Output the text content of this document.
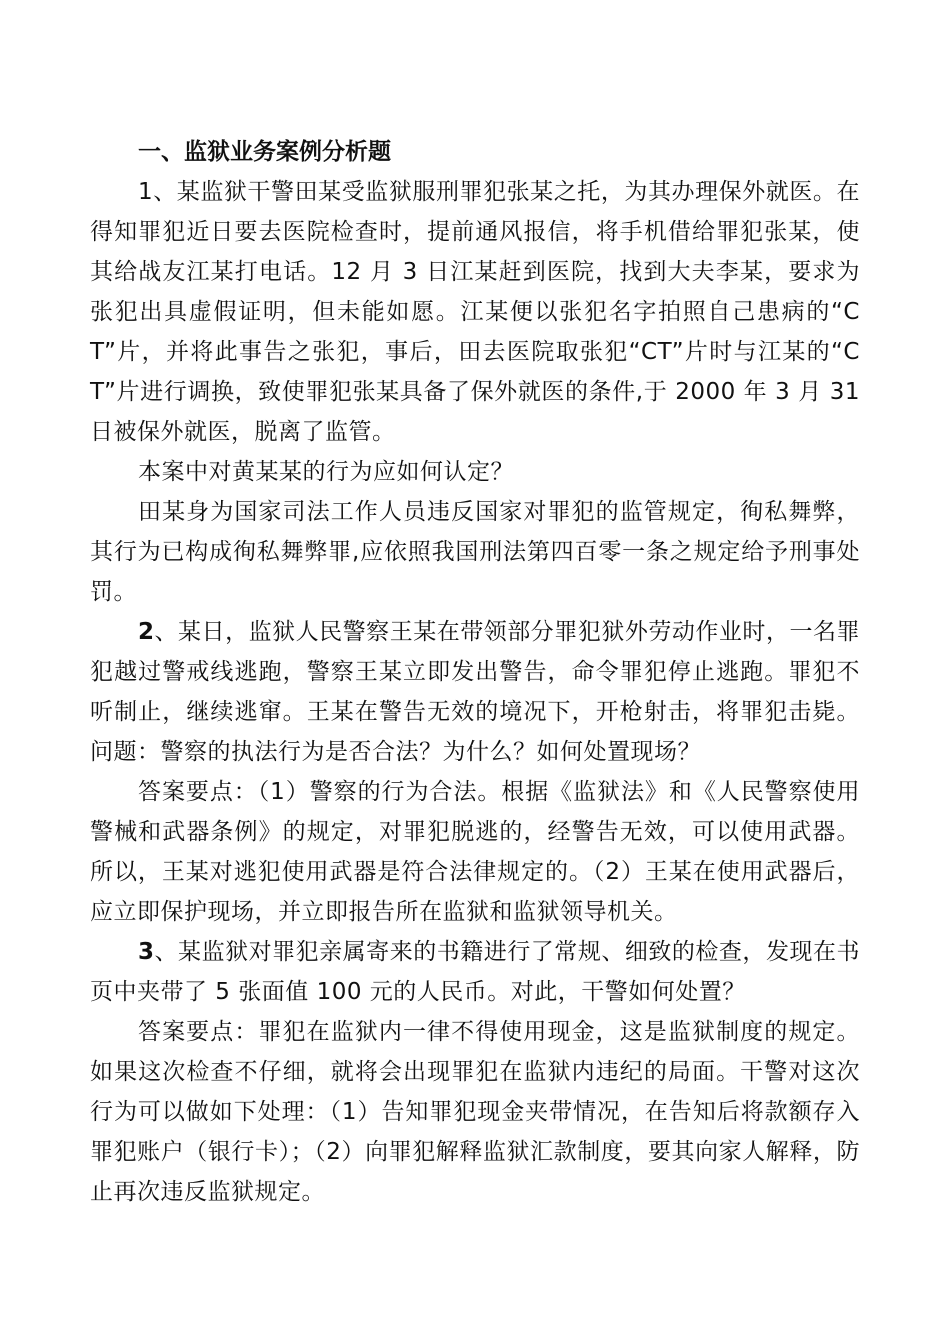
一、监狱业务案例分析题

1、某监狱干警田某受监狱服刑罪犯张某之托，为其办理保外就医。在得知罪犯近日要去医院检查时，提前通风报信，将手机借给罪犯张某，使其给战友江某打电话。12 月 3 日江某赶到医院，找到大夫李某，要求为张犯出具虚假证明，但未能如愿。江某便以张犯名字拍照自己患病的“CT”片，并将此事告之张犯，事后，田去医院取张犯“CT”片时与江某的“CT”片进行调换，致使罪犯张某具备了保外就医的条件,于 2000 年 3 月 31 日被保外就医，脱离了监管。

本案中对黄某某的行为应如何认定？

田某身为国家司法工作人员违反国家对罪犯的监管规定，徇私舞弊，其行为已构成徇私舞弊罪,应依照我国刑法第四百零一条之规定给予刑事处罚。

2、某日，监狱人民警察王某在带领部分罪犯狱外劳动作业时，一名罪犯越过警戒线逃跑，警察王某立即发出警告，命令罪犯停止逃跑。罪犯不听制止，继续逃窜。王某在警告无效的境况下，开枪射击，将罪犯击毙。问题：警察的执法行为是否合法？为什么？如何处置现场？

答案要点：（1）警察的行为合法。根据《监狱法》和《人民警察使用警械和武器条例》的规定，对罪犯脱逃的，经警告无效，可以使用武器。所以，王某对逃犯使用武器是符合法律规定的。（2）王某在使用武器后，应立即保护现场，并立即报告所在监狱和监狱领导机关。

3、某监狱对罪犯亲属寄来的书籍进行了常规、细致的检查，发现在书页中夹带了 5 张面值 100 元的人民币。对此，干警如何处置？

答案要点：罪犯在监狱内一律不得使用现金，这是监狱制度的规定。如果这次检查不仔细，就将会出现罪犯在监狱内违纪的局面。干警对这次行为可以做如下处理：（1）告知罪犯现金夹带情况，在告知后将款额存入罪犯账户（银行卡）；（2）向罪犯解释监狱汇款制度，要其向家人解释，防止再次违反监狱规定。
